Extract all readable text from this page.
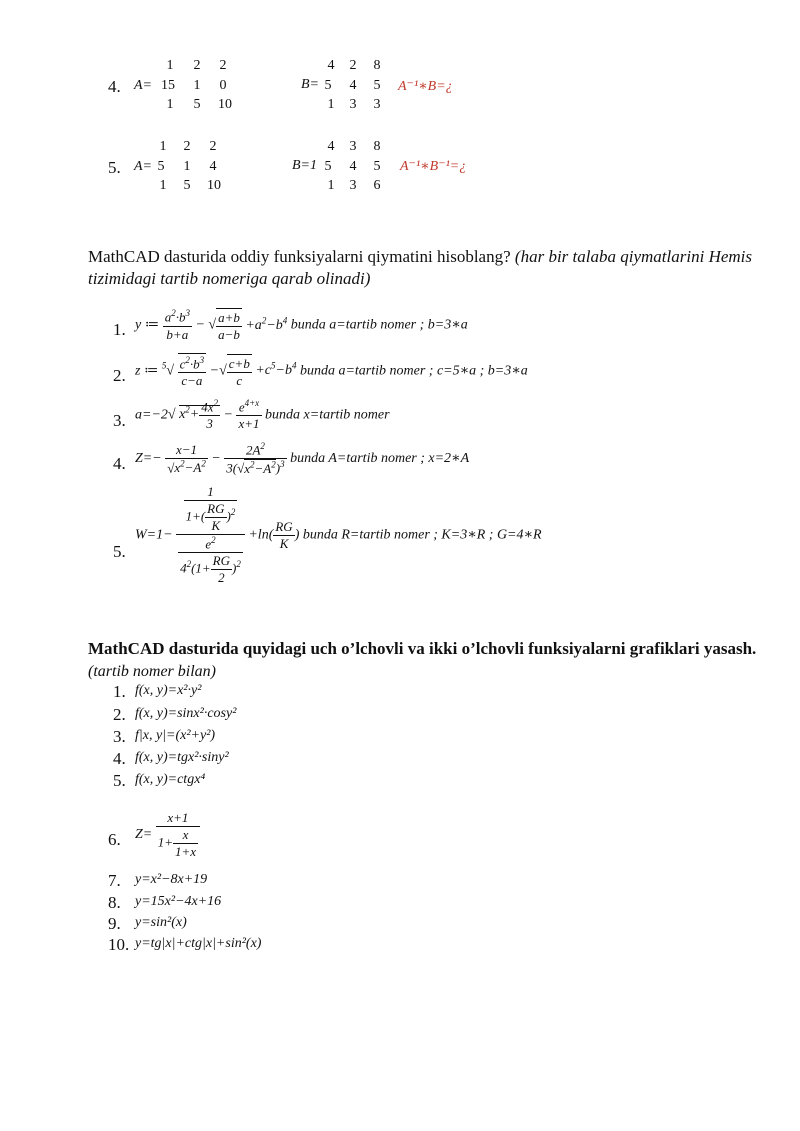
4. A=
1	2	2
15	1	0
1	5	10
B=
4	2	8
5	4	5
1	3	3
A⁻¹∗B=¿
5. A=
1	2	2
5	1	4
1	5	10
B=1
4	3	8
5	4	5
1	3	6
A⁻¹∗B⁻¹=¿
MathCAD dasturida oddiy funksiyalarni qiymatini hisoblang? (har bir talaba qiymatlarini Hemis tizimidagi tartib nomeriga qarab olinadi)
1. y ≔ $\frac{a^2\cdot b^3}{b+a}$ − √ $\frac{a+b}{a-b} +a^2-b^4$ bunda a=tartib nomer ; b=3∗a
2. z ≔ $^5√ \frac{c^2\cdot b^3}{c-a}$ −√ $\frac{c+b}{c} +c^5-b^4$ bunda a=tartib nomer ; c=5∗a ; b=3∗a
3. a=−2√ $x^2+ \frac{4x^2}{3} - \frac{e^{4+x}}{x+1}$ bunda x=tartib nomer
4. $Z=- \frac{x-1}{√x^2-A^2} - \frac{2A^2}{3(√x^2-A^2)^3}$ bunda A=tartib nomer ; x=2∗A
5.
$W=1- \frac{\frac{1}{1+( \frac{RG}{K} )^2}}{\frac{e^2}{4^2(1+ \frac{RG}{2} )^2}} +\ln( \frac{RG}{K}$ ) bunda R=tartib nomer ; K=3∗R ; G=4∗R
MathCAD dasturida quyidagi uch o’lchovli va ikki o’lchovli funksiyalarni grafiklari yasash. (tartib nomer bilan)
1. f(x, y)=x²·y²
2. f(x, y)=sinx²·cosy²
3. f|x, y|=(x²+y²)
4. f(x, y)=tgx²·siny²
5. f(x, y)=ctgx⁴
6. $Z= \frac{x+1}{1+ \frac{x}{1+x}}$
7. y=x²−8x+19
8. y=15x²−4x+16
9. y=sin²(x)
10. y=tg|x|+ctg|x|+sin²(x)
